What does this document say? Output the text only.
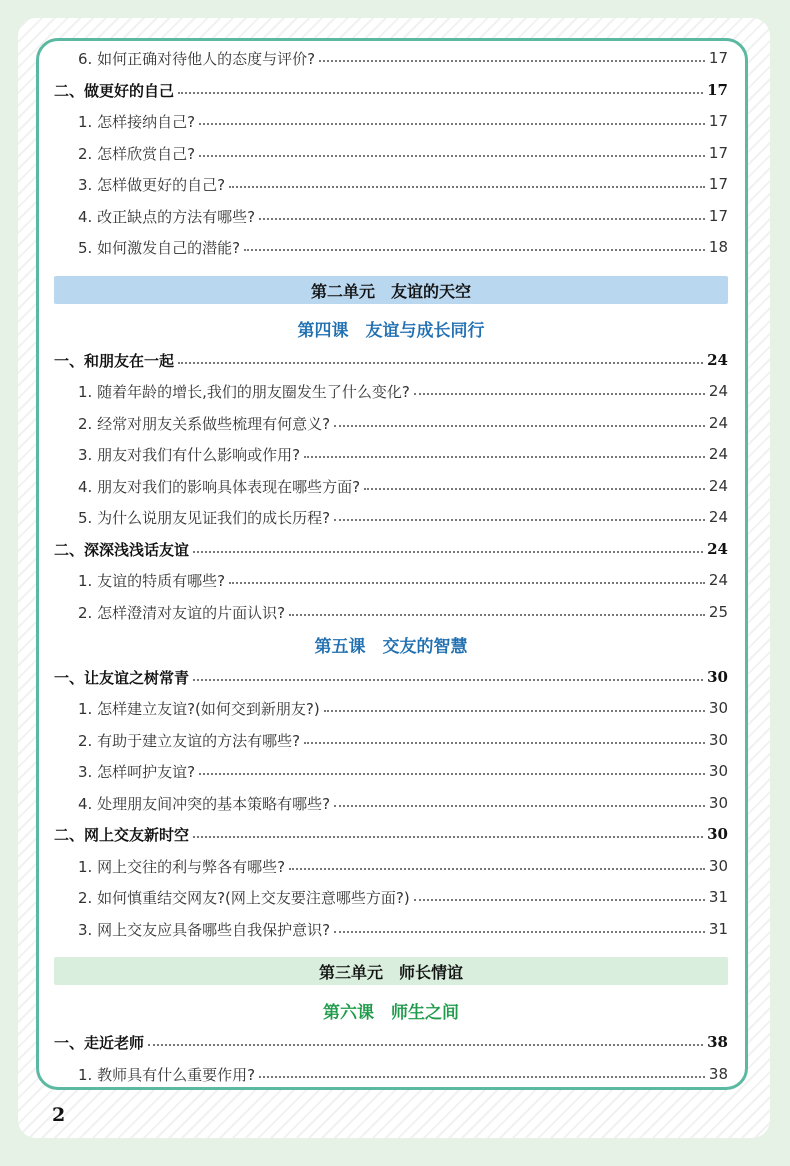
6. 如何正确对待他人的态度与评价?	17
二、做更好的自己	17
1. 怎样接纳自己?	17
2. 怎样欣赏自己?	17
3. 怎样做更好的自己?	17
4. 改正缺点的方法有哪些?	17
5. 如何激发自己的潜能?	18
第二单元　友谊的天空
第四课　友谊与成长同行
一、和朋友在一起	24
1. 随着年龄的增长,我们的朋友圈发生了什么变化?	24
2. 经常对朋友关系做些梳理有何意义?	24
3. 朋友对我们有什么影响或作用?	24
4. 朋友对我们的影响具体表现在哪些方面?	24
5. 为什么说朋友见证我们的成长历程?	24
二、深深浅浅话友谊	24
1. 友谊的特质有哪些?	24
2. 怎样澄清对友谊的片面认识?	25
第五课　交友的智慧
一、让友谊之树常青	30
1. 怎样建立友谊?(如何交到新朋友?)	30
2. 有助于建立友谊的方法有哪些?	30
3. 怎样呵护友谊?	30
4. 处理朋友间冲突的基本策略有哪些?	30
二、网上交友新时空	30
1. 网上交往的利与弊各有哪些?	30
2. 如何慎重结交网友?(网上交友要注意哪些方面?)	31
3. 网上交友应具备哪些自我保护意识?	31
第三单元　师长情谊
第六课　师生之间
一、走近老师	38
1. 教师具有什么重要作用?	38
2
